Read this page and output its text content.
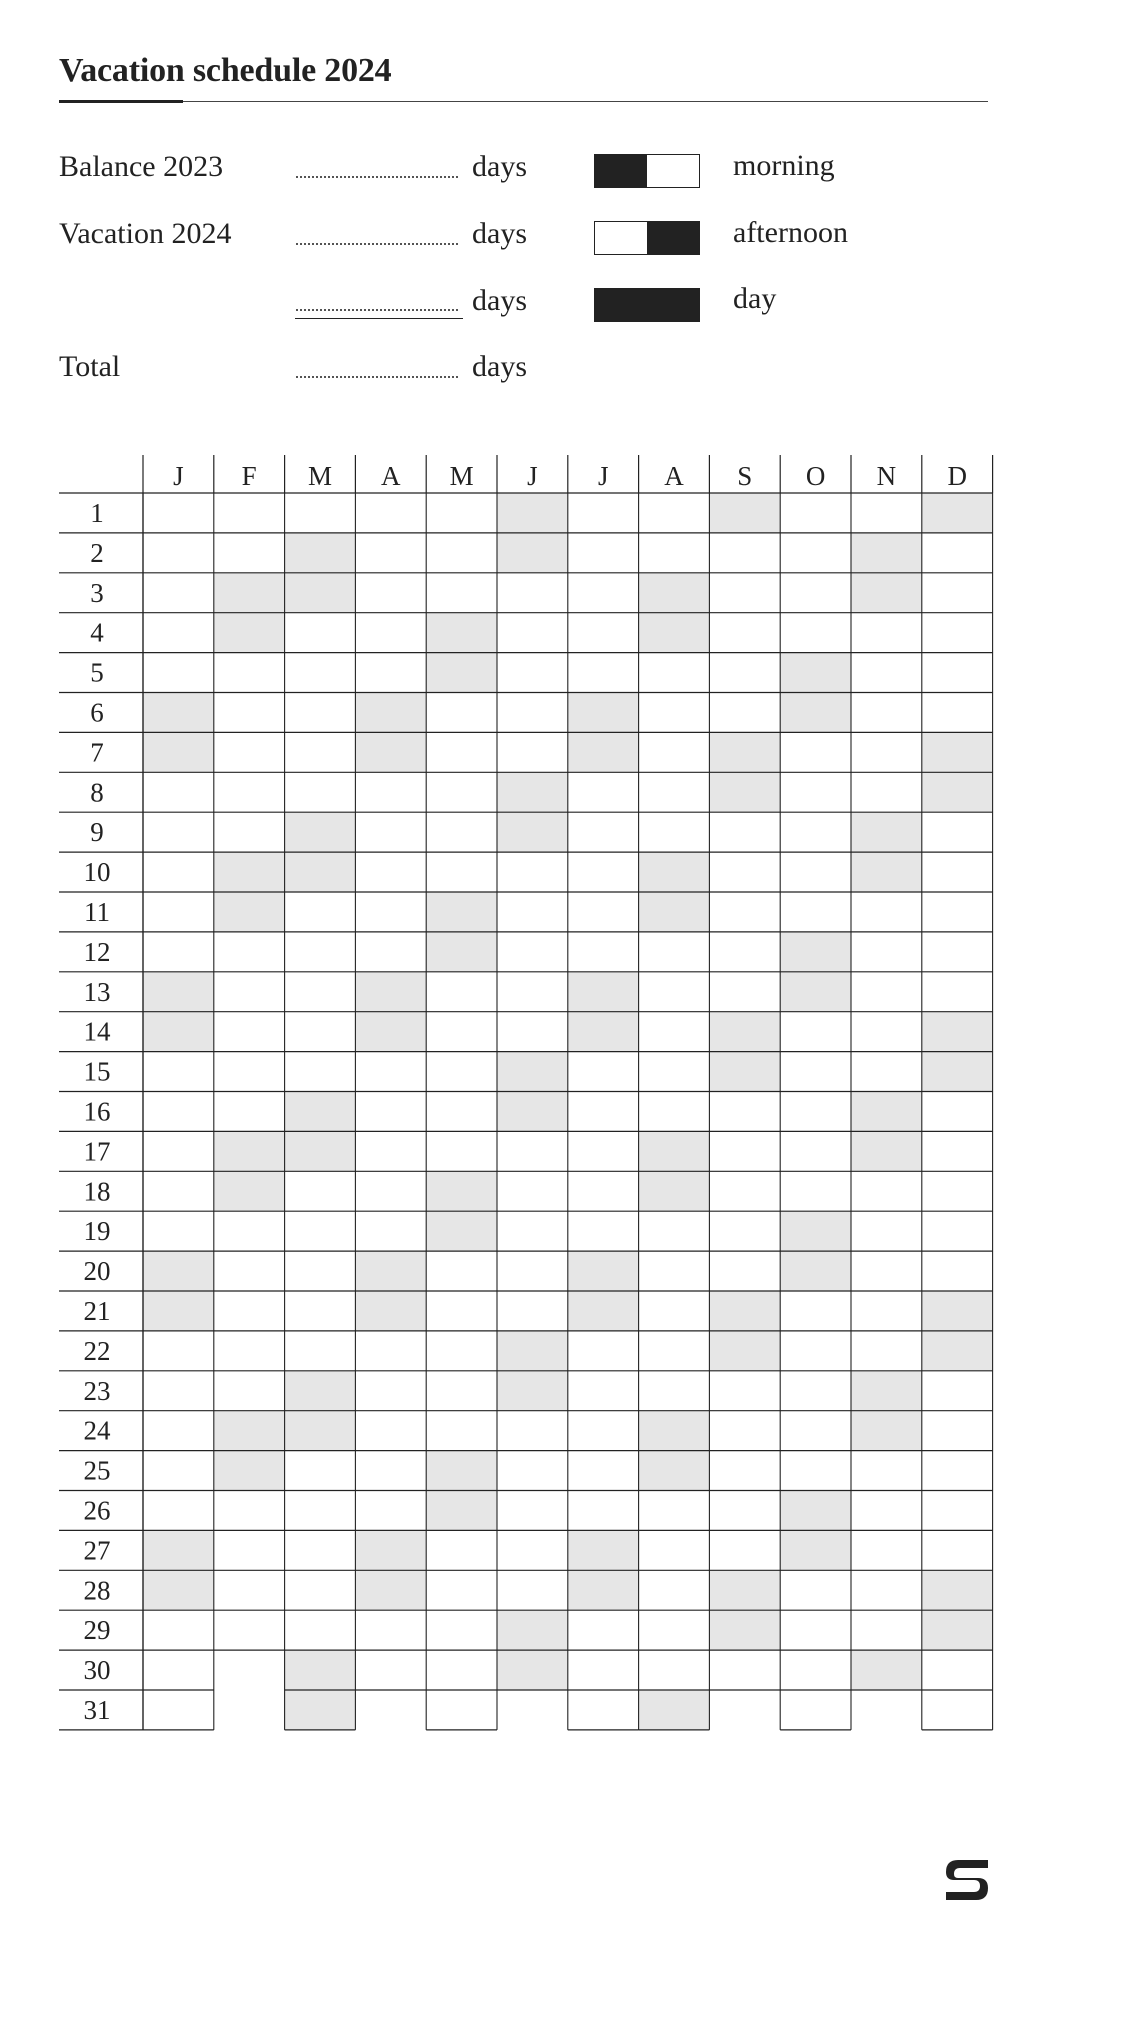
Vacation schedule 2024
Balance 2023	days
Vacation 2024	days
days
Total	days
morning
afternoon
day
J F M A M J J A S O N D
1
2
3
4
5
6
7
8
9
10
11
12
13
14
15
16
17
18
19
20
21
22
23
24
25
26
27
28
29
30
31
